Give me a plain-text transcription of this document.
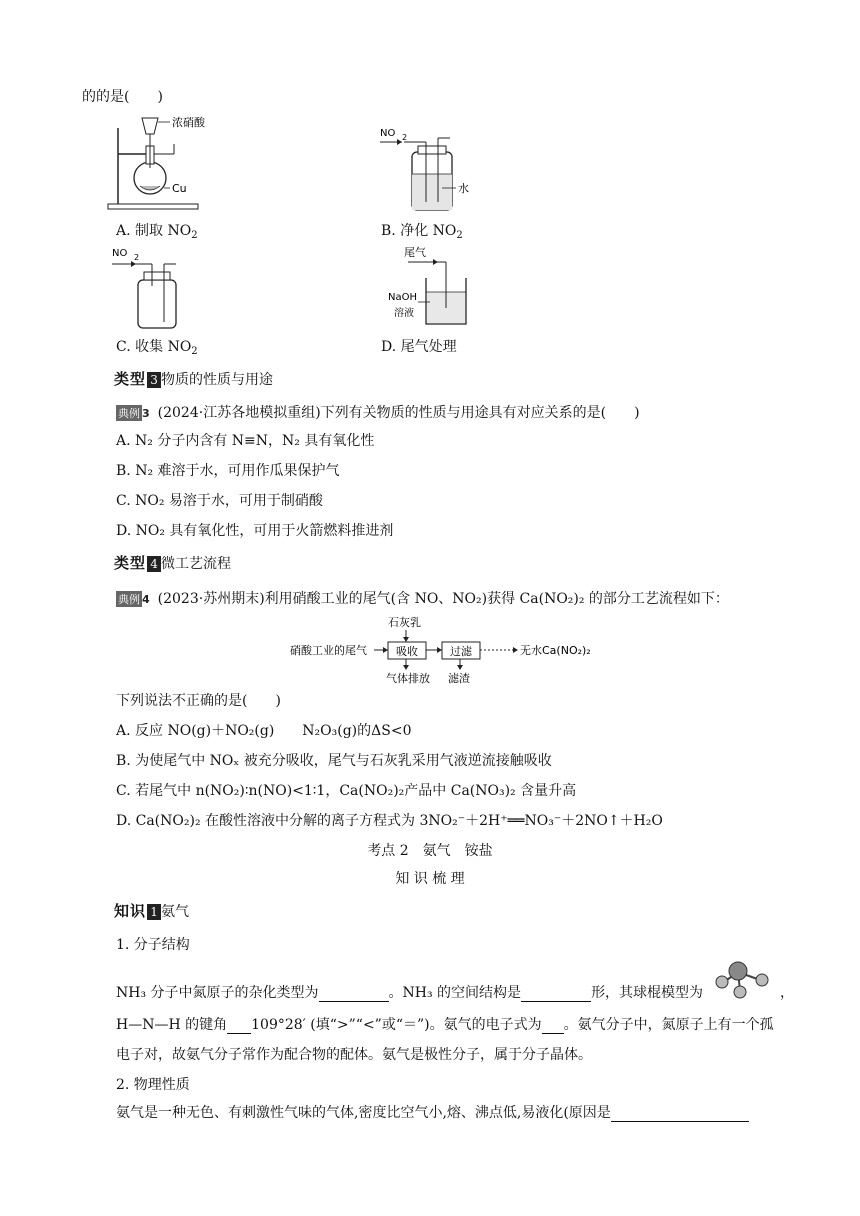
的的是(　　)
浓硝酸
Cu
A. 制取 $NO_2$
NO 2
水
B. 净化 $NO_2$
NO 2
C. 收集 $NO_2$
尾气
NaOH
溶液
D. 尾气处理
类型 3 物质的性质与用途
典例 3 (2024·江苏各地模拟重组)下列有关物质的性质与用途具有对应关系的是(　　)
A. N₂ 分子内含有 N≡N，N₂ 具有氧化性
B. N₂ 难溶于水，可用作瓜果保护气
C. NO₂ 易溶于水，可用于制硝酸
D. NO₂ 具有氧化性，可用于火箭燃料推进剂
类型 4 微工艺流程
典例 4 (2023·苏州期末)利用硝酸工业的尾气(含 NO、NO₂)获得 Ca(NO₂)₂ 的部分工艺流程如下：
石灰乳
硝酸工业的尾气	吸收	过滤	无水Ca(NO₂)₂
气体排放 滤渣
下列说法不正确的是(　　)
A. 反应 NO(g)＋NO₂(g)  N₂O₃(g)的ΔS<0
B. 为使尾气中 NOₓ 被充分吸收，尾气与石灰乳采用气液逆流接触吸收
C. 若尾气中 n(NO₂)∶n(NO)<1∶1，Ca(NO₂)₂产品中 Ca(NO₃)₂ 含量升高
D. Ca(NO₂)₂ 在酸性溶液中分解的离子方程式为 3NO₂⁻＋2H⁺══NO₃⁻＋2NO↑＋H₂O
考点 2　氨气　铵盐
知 识 梳 理
知识 1 氨气
1. 分子结构
NH₃ 分子中氮原子的杂化类型为	。NH₃ 的空间结构是	形，其球棍模型为	，
H—N—H 的键角 109°28′ (填“>”“<”或“＝”)。氨气的电子式为 。氨气分子中，氮原子上有一个孤
电子对，故氨气分子常作为配合物的配体。氨气是极性分子，属于分子晶体。
2. 物理性质
氨气是一种无色、有刺激性气味的气体,密度比空气小,熔、沸点低,易液化(原因是
